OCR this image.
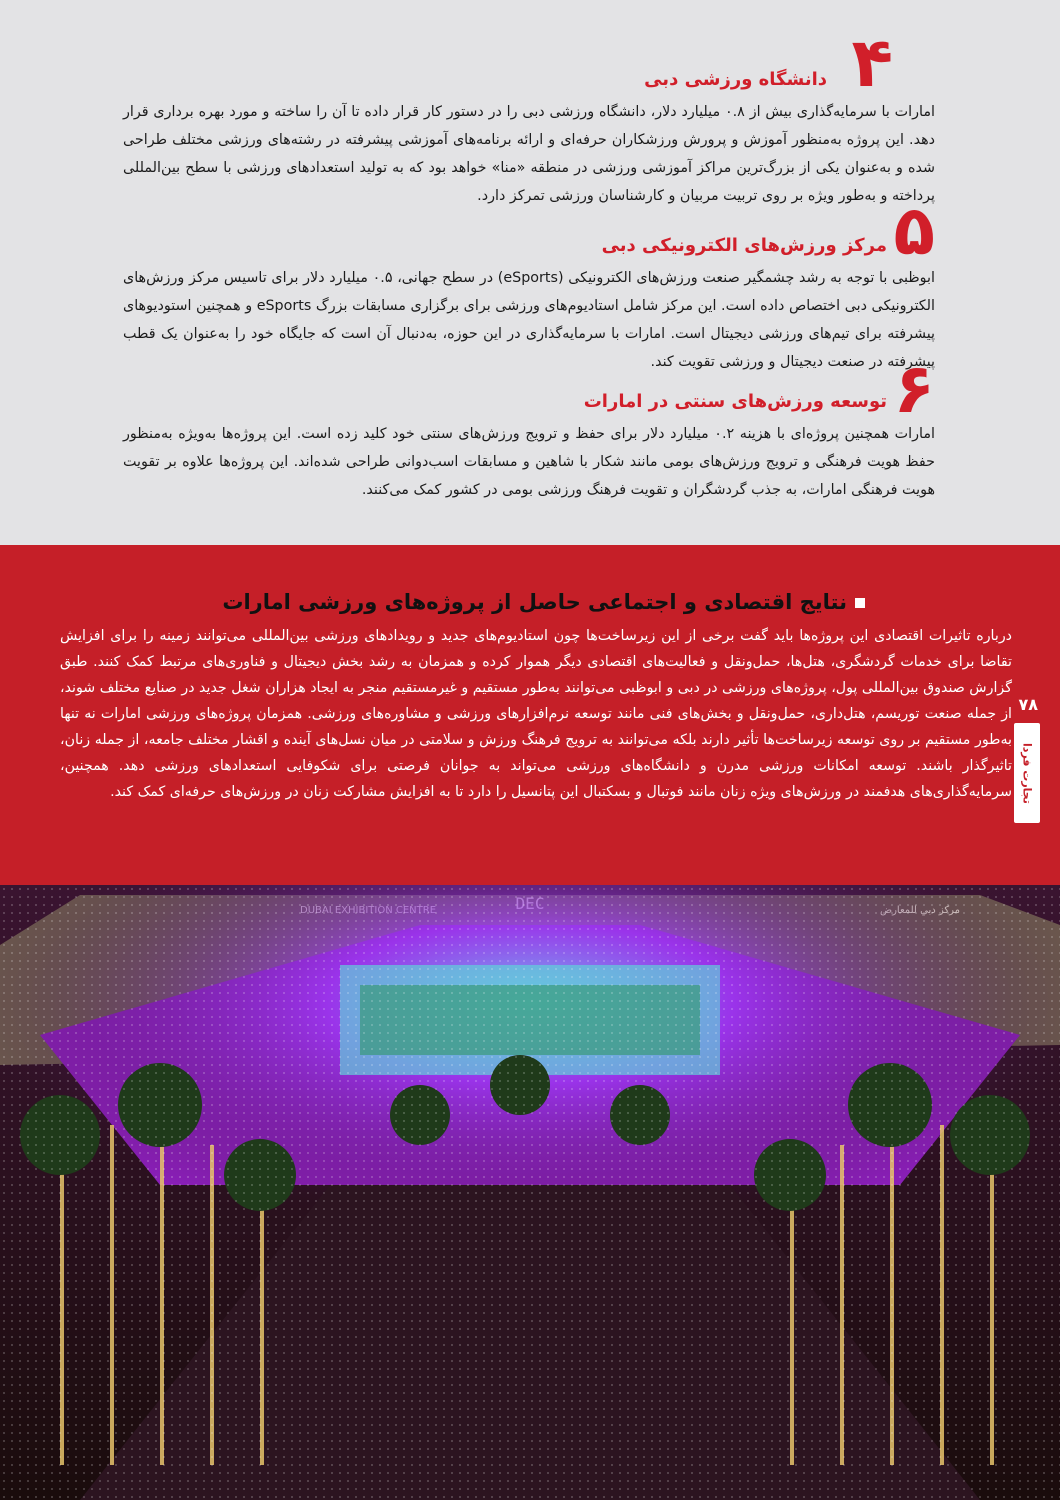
۴
دانشگاه ورزشی دبی

امارات با سرمایه‌گذاری بیش از ۰.۸ میلیارد دلار، دانشگاه ورزشی دبی را در دستور کار قرار داده تا آن را ساخته و مورد بهره برداری قرار دهد. این پروژه به‌منظور آموزش و پرورش ورزشکاران حرفه‌ای و ارائه برنامه‌های آموزشی پیشرفته در رشته‌های ورزشی مختلف طراحی شده و به‌عنوان یکی از بزرگ‌ترین مراکز آموزشی ورزشی در منطقه «منا» خواهد بود که به تولید استعدادهای ورزشی با سطح بین‌المللی پرداخته و به‌طور ویژه بر روی تربیت مربیان و کارشناسان ورزشی تمرکز دارد.

۵
مرکز ورزش‌های الکترونیکی دبی

ابوظبی با توجه به رشد چشمگیر صنعت ورزش‌های الکترونیکی (eSports) در سطح جهانی، ۰.۵ میلیارد دلار برای تاسیس مرکز ورزش‌های الکترونیکی دبی اختصاص داده است. این مرکز شامل استادیوم‌های ورزشی برای برگزاری مسابقات بزرگ eSports و همچنین استودیوهای پیشرفته برای تیم‌های ورزشی دیجیتال است. امارات با سرمایه‌گذاری در این حوزه، به‌دنبال آن است که جایگاه خود را به‌عنوان یک قطب پیشرفته در صنعت دیجیتال و ورزشی تقویت کند.

۶
توسعه ورزش‌های سنتی در امارات

امارات همچنین پروژه‌ای با هزینه ۰.۲ میلیارد دلار برای حفظ و ترویج ورزش‌های سنتی خود کلید زده است. این پروژه‌ها به‌ویژه به‌منظور حفظ هویت فرهنگی و ترویج ورزش‌های بومی مانند شکار با شاهین و مسابقات اسب‌دوانی طراحی شده‌اند. این پروژه‌ها علاوه بر تقویت هویت فرهنگی امارات، به جذب گردشگران و تقویت فرهنگ ورزشی بومی در کشور کمک می‌کنند.

نتایج اقتصادی و اجتماعی حاصل از پروژه‌های ورزشی امارات

درباره تاثیرات اقتصادی این پروژه‌ها باید گفت برخی از این زیرساخت‌ها چون استادیوم‌های جدید و رویدادهای ورزشی بین‌المللی می‌توانند زمینه را برای افزایش تقاضا برای خدمات گردشگری، هتل‌ها، حمل‌ونقل و فعالیت‌های اقتصادی دیگر هموار کرده و همزمان به رشد بخش دیجیتال و فناوری‌های مرتبط کمک کنند. طبق گزارش صندوق بین‌المللی پول، پروژه‌های ورزشی در دبی و ابوظبی می‌توانند به‌طور مستقیم و غیرمستقیم منجر به ایجاد هزاران شغل جدید در صنایع مختلف شوند، از جمله صنعت توریسم، هتل‌داری، حمل‌ونقل و بخش‌های فنی مانند توسعه نرم‌افزارهای ورزشی و مشاوره‌های ورزشی. همزمان پروژه‌های ورزشی امارات نه تنها به‌طور مستقیم بر روی توسعه زیرساخت‌ها تأثیر دارند بلکه می‌توانند به ترویج فرهنگ ورزش و سلامتی در میان نسل‌های آینده و اقشار مختلف جامعه، از جمله زنان، تاثیرگذار باشند. توسعه امکانات ورزشی مدرن و دانشگاه‌های ورزشی می‌تواند به جوانان فرصتی برای شکوفایی استعدادهای ورزشی دهد. همچنین، سرمایه‌گذاری‌های هدفمند در ورزش‌های ویژه زنان مانند فوتبال و بسکتبال این پتانسیل را دارد تا به افزایش مشارکت زنان در ورزش‌های حرفه‌ای کمک کند.

۷۸
تجارت فردا
